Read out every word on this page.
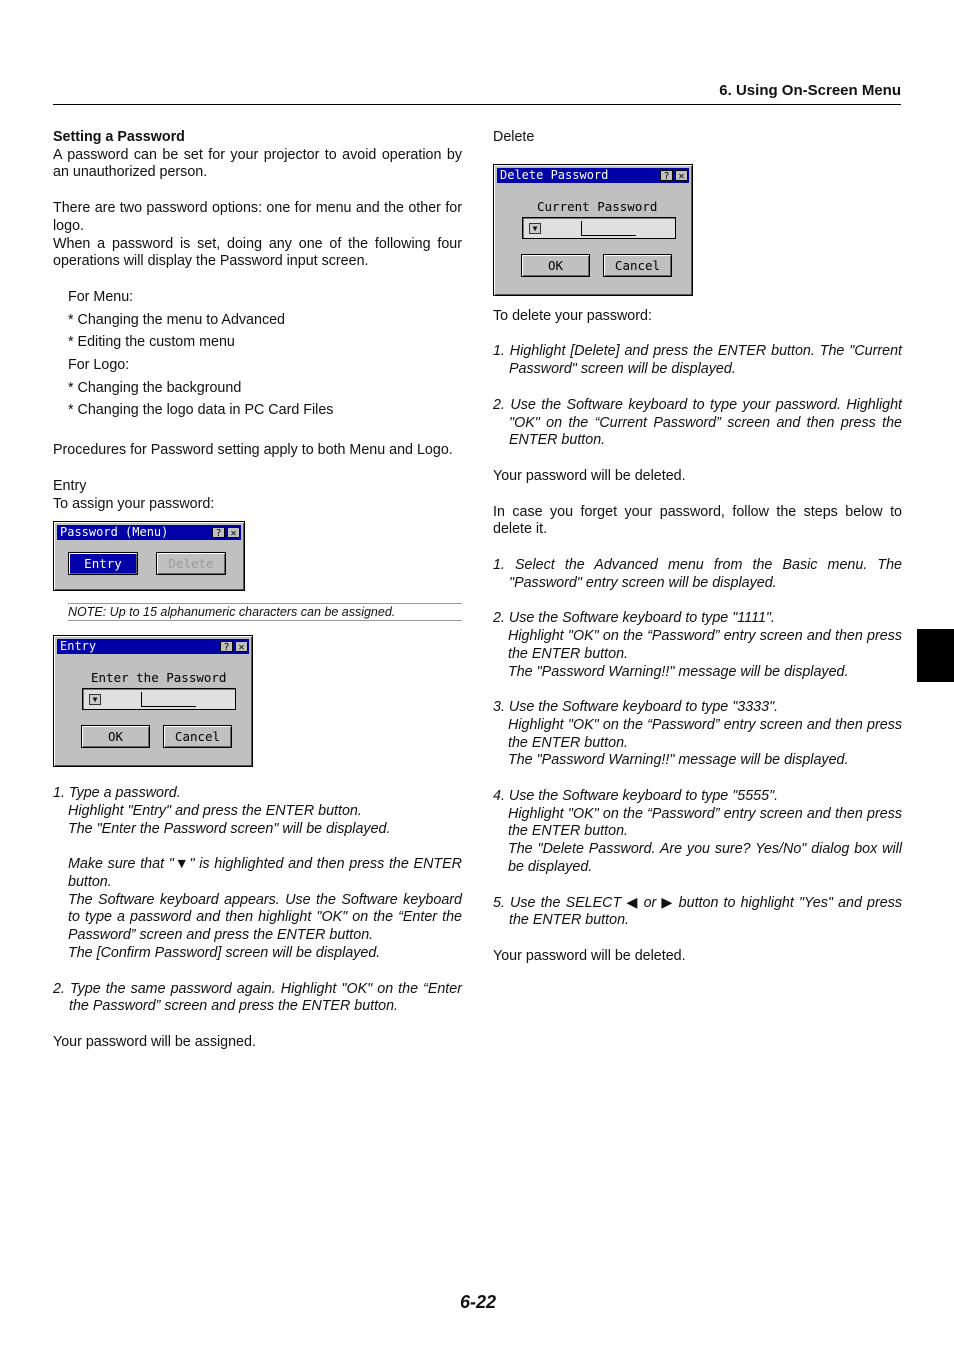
6. Using On-Screen Menu

Setting a Password

A password can be set for your projector to avoid operation by an unauthorized person.

There are two password options: one for menu and the other for logo.

When a password is set, doing any one of the following four operations will display the Password input screen.

For Menu:

* Changing the menu to Advanced

* Editing the custom menu

For Logo:

* Changing the background

* Changing the logo data in PC Card Files

Procedures for Password setting apply to both Menu and Logo.

Entry

To assign your password:

Password (Menu)	? ✕
Entry	Delete
NOTE: Up to 15 alphanumeric characters can be assigned.
Entry	? ✕
Enter the Password
▼
OK	Cancel

1. Type a password.

Highlight "Entry" and press the ENTER button.

The "Enter the Password screen" will be displayed.

Make sure that "▼" is highlighted and then press the ENTER button.

The Software keyboard appears. Use the Software keyboard to type a password and then highlight "OK" on the “Enter the Password” screen and press the ENTER button.

The [Confirm Password] screen will be displayed.

2. Type the same password again. Highlight "OK" on the “Enter the Password” screen and press the ENTER button.

Your password will be assigned.

Delete

Delete Password	? ✕
Current Password
▼
OK	Cancel

To delete your password:

1. Highlight [Delete] and press the ENTER button. The "Current Password" screen will be displayed.

2. Use the Software keyboard to type your password. Highlight "OK" on the “Current Password” screen and then press the ENTER button.

Your password will be deleted.

In case you forget your password, follow the steps below to delete it.

1. Select the Advanced menu from the Basic menu. The "Password" entry screen will be displayed.

2. Use the Software keyboard to type "1111".

Highlight "OK" on the “Password” entry screen and then press the ENTER button.

The "Password Warning!!" message will be displayed.

3. Use the Software keyboard to type "3333".

Highlight "OK" on the “Password” entry screen and then press the ENTER button.

The "Password Warning!!" message will be displayed.

4. Use the Software keyboard to type "5555".

Highlight "OK" on the “Password” entry screen and then press the ENTER button.

The "Delete Password. Are you sure? Yes/No" dialog box will be displayed.

5. Use the SELECT ◀ or ▶ button to highlight "Yes" and press the ENTER button.

Your password will be deleted.

6-22
